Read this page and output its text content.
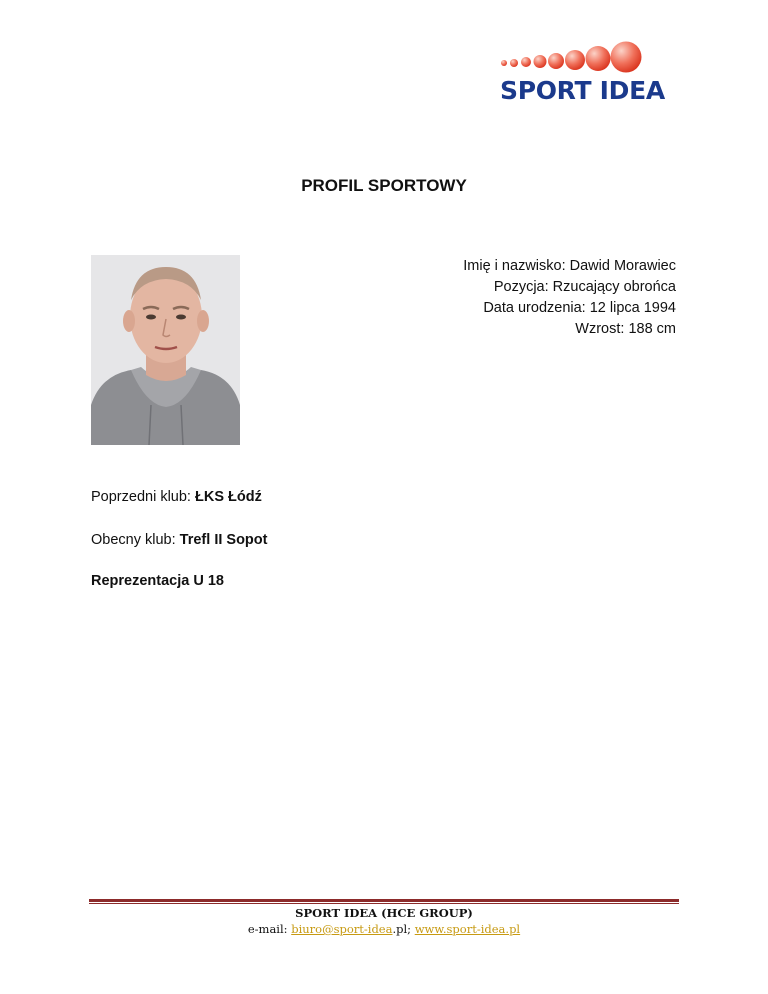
SPORT IDEA
PROFIL SPORTOWY
Imię i nazwisko: Dawid Morawiec
Pozycja: Rzucający obrońca
Data urodzenia: 12 lipca 1994
Wzrost: 188 cm
Poprzedni klub: ŁKS Łódź
Obecny klub: Trefl II Sopot
Reprezentacja U 18
SPORT IDEA (HCE GROUP)
e-mail: biuro@sport-idea.pl; www.sport-idea.pl
